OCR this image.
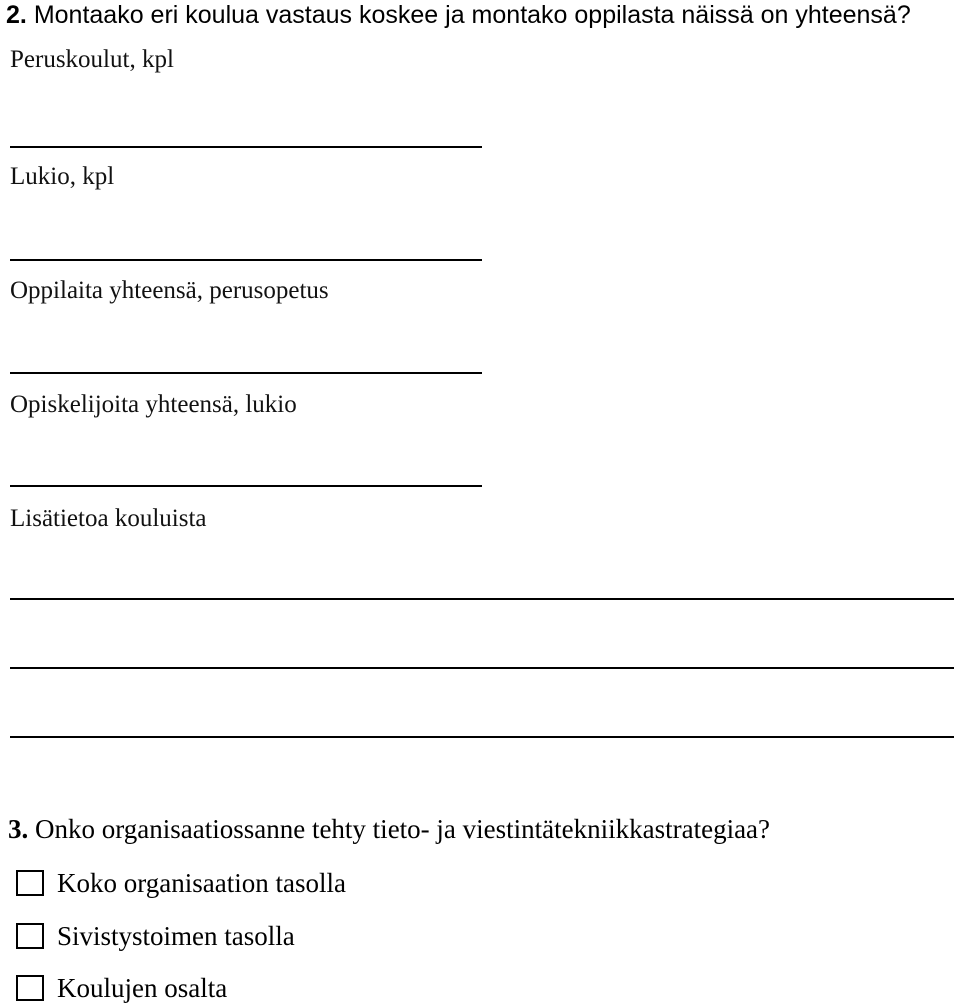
2. Montaako eri koulua vastaus koskee ja montako oppilasta näissä on yhteensä?
Peruskoulut, kpl
Lukio, kpl
Oppilaita yhteensä, perusopetus
Opiskelijoita yhteensä, lukio
Lisätietoa kouluista
3. Onko organisaatiossanne tehty tieto- ja viestintätekniikkastrategiaa?
Koko organisaation tasolla
Sivistystoimen tasolla
Koulujen osalta
